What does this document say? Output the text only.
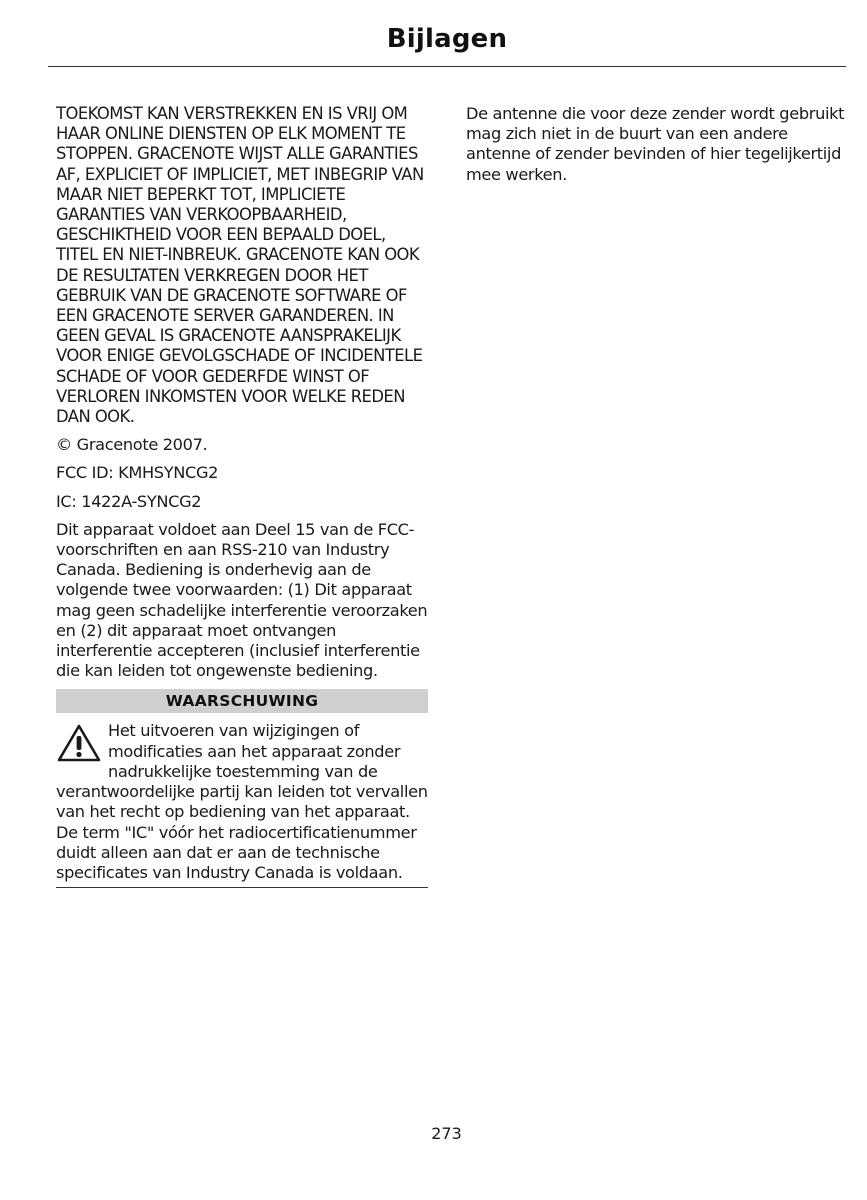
Bijlagen

TOEKOMST KAN VERSTREKKEN EN IS VRIJ OM HAAR ONLINE DIENSTEN OP ELK MOMENT TE STOPPEN. GRACENOTE WIJST ALLE GARANTIES AF, EXPLICIET OF IMPLICIET, MET INBEGRIP VAN MAAR NIET BEPERKT TOT, IMPLICIETE GARANTIES VAN VERKOOPBAARHEID, GESCHIKTHEID VOOR EEN BEPAALD DOEL, TITEL EN NIET-INBREUK. GRACENOTE KAN OOK DE RESULTATEN VERKREGEN DOOR HET GEBRUIK VAN DE GRACENOTE SOFTWARE OF EEN GRACENOTE SERVER GARANDEREN. IN GEEN GEVAL IS GRACENOTE AANSPRAKELIJK VOOR ENIGE GEVOLGSCHADE OF INCIDENTELE SCHADE OF VOOR GEDERFDE WINST OF VERLOREN INKOMSTEN VOOR WELKE REDEN DAN OOK.

© Gracenote 2007.

FCC ID: KMHSYNCG2

IC: 1422A-SYNCG2

Dit apparaat voldoet aan Deel 15 van de FCC-voorschriften en aan RSS-210 van Industry Canada. Bediening is onderhevig aan de volgende twee voorwaarden: (1) Dit apparaat mag geen schadelijke interferentie veroorzaken en (2) dit apparaat moet ontvangen interferentie accepteren (inclusief interferentie die kan leiden tot ongewenste bediening.

WAARSCHUWING

Het uitvoeren van wijzigingen of modificaties aan het apparaat zonder nadrukkelijke toestemming van de verantwoordelijke partij kan leiden tot vervallen van het recht op bediening van het apparaat. De term "IC" vóór het radiocertificatienummer duidt alleen aan dat er aan de technische specificates van Industry Canada is voldaan.

De antenne die voor deze zender wordt gebruikt mag zich niet in de buurt van een andere antenne of zender bevinden of hier tegelijkertijd mee werken.

273
